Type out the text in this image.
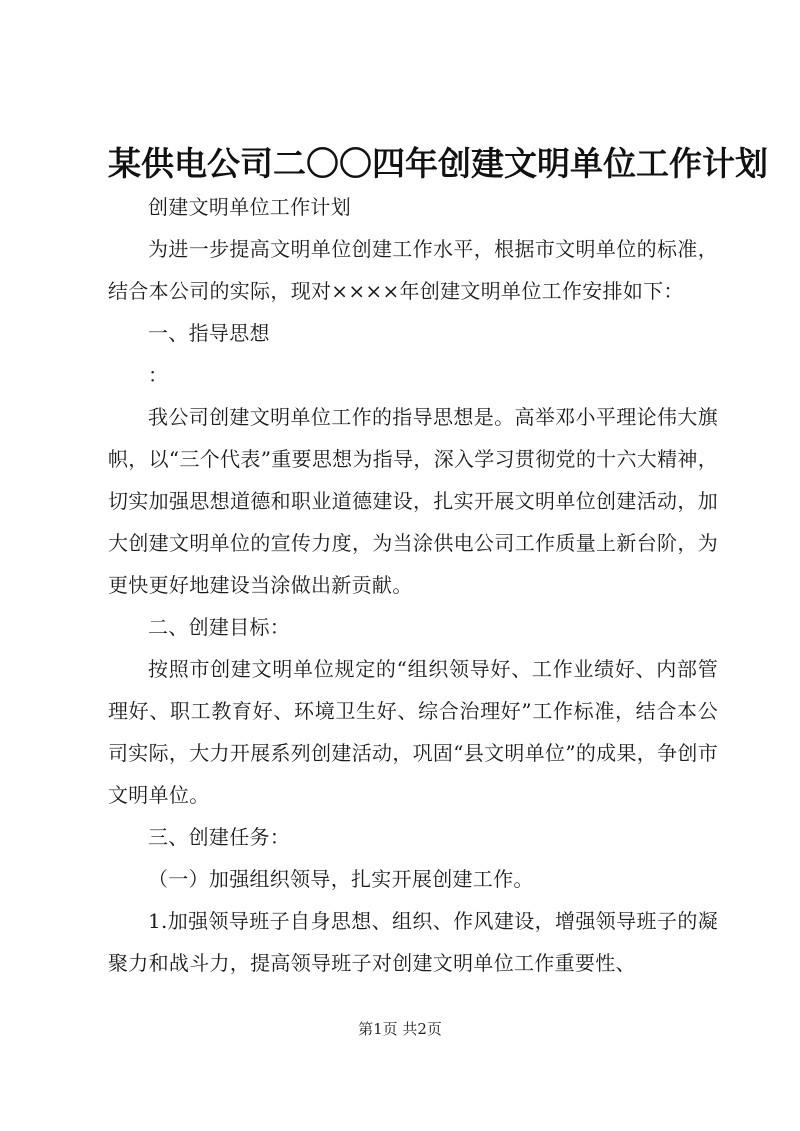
某供电公司二〇〇四年创建文明单位工作计划

创建文明单位工作计划

为进一步提高文明单位创建工作水平，根据市文明单位的标准，结合本公司的实际，现对××××年创建文明单位工作安排如下：

一、指导思想

：

我公司创建文明单位工作的指导思想是。高举邓小平理论伟大旗帜，以“三个代表”重要思想为指导，深入学习贯彻党的十六大精神，切实加强思想道德和职业道德建设，扎实开展文明单位创建活动，加大创建文明单位的宣传力度，为当涂供电公司工作质量上新台阶，为更快更好地建设当涂做出新贡献。

二、创建目标：

按照市创建文明单位规定的“组织领导好、工作业绩好、内部管理好、职工教育好、环境卫生好、综合治理好”工作标准，结合本公司实际，大力开展系列创建活动，巩固“县文明单位”的成果，争创市文明单位。

三、创建任务：

（一）加强组织领导，扎实开展创建工作。

1.加强领导班子自身思想、组织、作风建设，增强领导班子的凝聚力和战斗力，提高领导班子对创建文明单位工作重要性、

第1页 共2页
